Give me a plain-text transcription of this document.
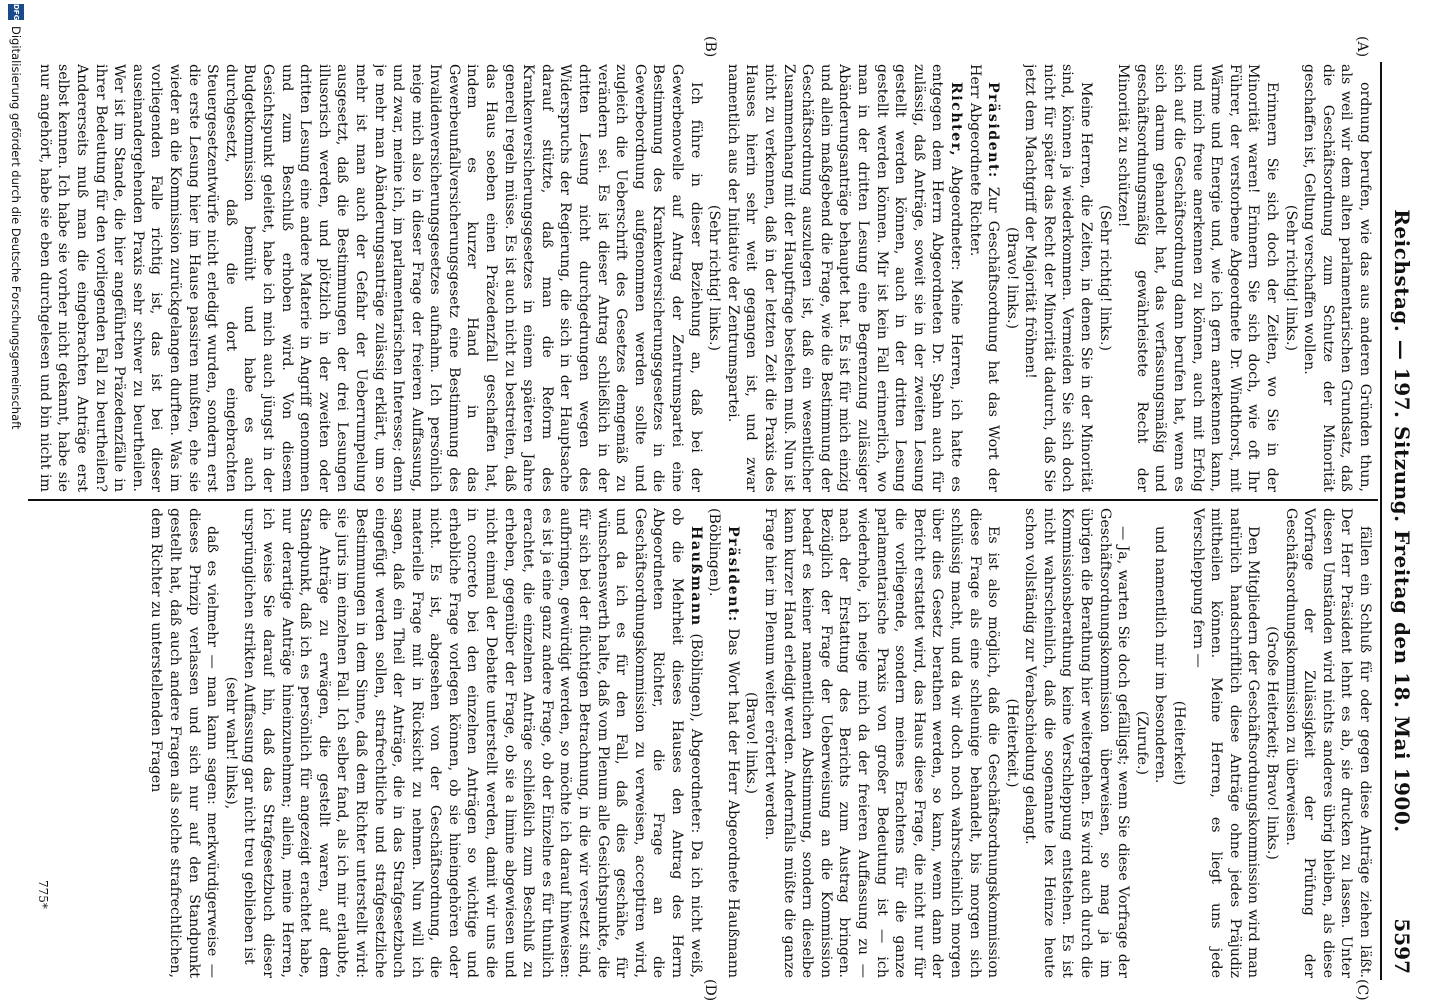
Reichstag. — 197. Sitzung. Freitag den 18. Mai 1900.
5597
(A)
(B)
(C)
(D)

ordnung berufen, wie das aus anderen Gründen thun, als weil wir dem alten parlamentarischen Grundsatz, daß die Geschäftsordnung zum Schutze der Minorität geschaffen ist, Geltung verschaffen wollen.

(Sehr richtig! links.)

Erinnern Sie sich doch der Zeiten, wo Sie in der Minorität waren! Erinnern Sie sich doch, wie oft Ihr Führer, der verstorbene Abgeordnete Dr. Windthorst, mit Wärme und Energie und, wie ich gern anerkennen kann, und mich freue anerkennen zu können, auch mit Erfolg sich auf die Geschäftsordnung dann berufen hat, wenn es sich darum gehandelt hat, das verfassungsmäßig und geschäftsordnungsmäßig gewährleistete Recht der Minorität zu schützen!

(Sehr richtig! links.)

Meine Herren, die Zeiten, in denen Sie in der Minorität sind, können ja wiederkommen. Vermeiden Sie sich doch nicht für später das Recht der Minorität dadurch, daß Sie jetzt dem Machtgriff der Majorität fröhnen!

(Bravo! links.)

Präsident: Zur Geschäftsordnung hat das Wort der Herr Abgeordnete Richter.

Richter, Abgeordneter: Meine Herren, ich hatte es entgegen dem Herrn Abgeordneten Dr. Spahn auch für zulässig, daß Anträge, soweit sie in der zweiten Lesung gestellt werden können, auch in der dritten Lesung gestellt werden können. Mir ist kein Fall erinnerlich, wo man in der dritten Lesung eine Begrenzung zulässiger Abänderungsanträge behauptet hat. Es ist für mich einzig und allein maßgebend die Frage, wie die Bestimmung der Geschäftsordnung auszulegen ist, daß ein wesentlicher Zusammenhang mit der Hauptfrage bestehen muß. Nun ist nicht zu verkennen, daß in der letzten Zeit die Praxis des Hauses hierin sehr weit gegangen ist, und zwar namentlich aus der Initiative der Zentrumspartei.

(Sehr richtig! links.)

Ich führe in dieser Beziehung an, daß bei der Gewerbenovelle auf Antrag der Zentrumspartei eine Bestimmung des Krankenversicherungsgesetzes in die Gewerbeordnung aufgenommen werden sollte und zugleich die Ueberschrift des Gesetzes demgemäß zu verändern sei. Es ist dieser Antrag schließlich in der dritten Lesung nicht durchgedrungen wegen des Widerspruchs der Regierung, die sich in der Hauptsache darauf stützte, daß man die Reform des Krankenversicherungsgesetzes in einem späteren Jahre generell regeln müsse. Es ist auch nicht zu bestreiten, daß das Haus soeben einen Präzedenzfall geschaffen hat, indem es kurzer Hand in das Gewerbeunfallversicherungsgesetz eine Bestimmung des Invalidenversicherungsgesetzes aufnahm. Ich persönlich neige mich also in dieser Frage der freieren Auffassung, und zwar, meine ich, im parlamentarischen Interesse; denn je mehr man Abänderungsanträge zulässig erklärt, um so mehr ist man auch der Gefahr der Ueberrumpelung ausgesetzt, daß die Bestimmungen der drei Lesungen illusorisch werden, und plötzlich in der zweiten oder dritten Lesung eine andere Materie in Angriff genommen und zum Beschluß erhoben wird. Von diesem Gesichtspunkt geleitet, habe ich mich auch jüngst in der Budgetkommission bemüht und habe es auch durchgesetzt, daß die dort eingebrachten Steuergesetzentwürfe nicht erledigt wurden, sondern erst die erste Lesung hier im Hause passiren mußten, ehe sie wieder an die Kommission zurückgelangen durften. Was im vorliegenden Falle richtig ist, das ist bei dieser auseinandergehenden Praxis sehr schwer zu beurtheilen. Wer ist im Stande, die hier angeführten Präzedenzfälle in ihrer Bedeutung für den vorliegenden Fall zu beurtheilen? Andererseits muß man die eingebrachten Anträge erst selbst kennen. Ich habe sie vorher nicht gekannt, habe sie nur angehört, habe sie eben durchgelesen und bin nicht im

fällen ein Schluß für oder gegen diese Anträge ziehen läßt. Der Herr Präsident lehnt es ab, sie drucken zu lassen. Unter diesen Umständen wird nichts anderes übrig bleiben, als diese Vorfrage der Zulässigkeit der Prüfung der Geschäftsordnungskommission zu überweisen.

(Große Heiterkeit; Bravo! links.)

Den Mitgliedern der Geschäftsordnungskommission wird man natürlich handschriftlich diese Anträge ohne jedes Präjudiz mittheilen können. Meine Herren, es liegt uns jede Verschleppung fern —

(Heiterkeit)

und namentlich mir im besonderen.

(Zurufe.)

— Ja, warten Sie doch gefälligst; wenn Sie diese Vorfrage der Geschäftsordnungskommission überweisen, so mag ja im übrigen die Berathung hier weitergehen. Es wird auch durch die Kommissionsberathung keine Verschleppung entstehen. Es ist nicht wahrscheinlich, daß die sogenannte lex Heinze heute schon vollständig zur Verabschiedung gelangt.

(Heiterkeit.)

Es ist also möglich, daß die Geschäftsordnungskommission diese Frage als eine schleunige behandelt, bis morgen sich schlüssig macht, und da wir doch noch wahrscheinlich morgen über dies Gesetz berathen werden, so kann, wenn dann der Bericht erstattet wird, das Haus diese Frage, die nicht nur für die vorliegende, sondern meines Erachtens für die ganze parlamentarische Praxis von großer Bedeutung ist — ich wiederhole, ich neige mich da der freieren Auffassung zu — nach der Erstattung des Berichts zum Austrag bringen. Bezüglich der Frage der Ueberweisung an die Kommission bedarf es keiner namentlichen Abstimmung, sondern dieselbe kann kurzer Hand erledigt werden. Andernfalls müßte die ganze Frage hier im Plenum weiter erörtert werden.

(Bravo! links.)

Präsident: Das Wort hat der Herr Abgeordnete Haußmann (Böblingen).

Haußmann (Böblingen), Abgeordneter: Da ich nicht weiß, ob die Mehrheit dieses Hauses den Antrag des Herrn Abgeordneten Richter, die Frage an die Geschäftsordnungskommission zu verweisen, acceptiren wird, und da ich es für den Fall, daß dies geschähe, für wünschenswerth halte, daß vom Plenum alle Gesichtspunkte, die für sich bei der flüchtigen Betrachnung, in die wir versetzt sind, aufbringen, gewürdigt werden, so möchte ich darauf hinweisen: es ist ja eine ganz andere Frage, ob der Einzelne es für thunlich erachtet, die einzelnen Anträge schließlich zum Beschluß zu erheben, gegenüber der Frage, ob sie a limine abgewiesen und nicht einmal der Debatte unterstellt werden, damit wir uns die in concreto bei den einzelnen Anträgen so wichtige und erhebliche Frage vorlegen können, ob sie hineingehören oder nicht. Es ist, abgesehen von der Geschäftsordnung, die materielle Frage mit in Rücksicht zu nehmen. Nun will ich sagen, daß ein Theil der Anträge, die in das Strafgesetzbuch eingefügt werden sollen, strafrechtliche und strafgesetzliche Bestimmungen in dem Sinne, daß dem Richter unterstellt wird: sie juris im einzelnen Fall. Ich selber fand, als ich mir erlaubte, die Anträge zu erwägen, die gestellt waren, auf dem Standpunkt, daß ich es persönlich für angezeigt erachtet habe, nur derartige Anträge hineinzunehmen; allein, meine Herren, ich weise Sie darauf hin, daß das Strafgesetzbuch dieser ursprünglichen strikten Auffassung gar nicht treu geblieben ist

(sehr wahr! links),

daß es vielmehr — man kann sagen: merkwürdigerweise — dieses Prinzip verlassen und sich nur auf den Standpunkt gestellt hat, daß auch andere Fragen als solche strafrechtlichen, dem Richter zu unterstellenden Fragen

775*
DFG
Digitalisierung gefördert durch die Deutsche Forschungsgemeinschaft
